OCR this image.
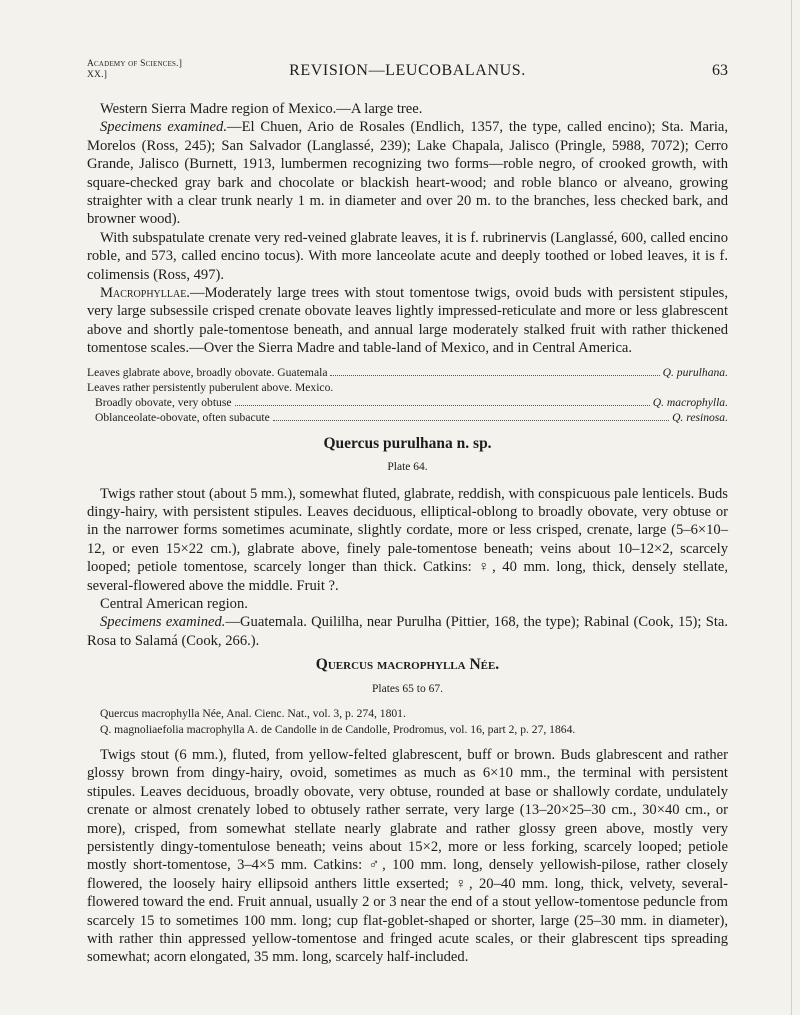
Academy of Sciences.]
XX.]	REVISION—LEUCOBALANUS.	63

Western Sierra Madre region of Mexico.—A large tree.

Specimens examined.—El Chuen, Ario de Rosales (Endlich, 1357, the type, called encino); Sta. Maria, Morelos (Ross, 245); San Salvador (Langlassé, 239); Lake Chapala, Jalisco (Pringle, 5988, 7072); Cerro Grande, Jalisco (Burnett, 1913, lumbermen recognizing two forms—roble negro, of crooked growth, with square-checked gray bark and chocolate or blackish heart-wood; and roble blanco or alveano, growing straighter with a clear trunk nearly 1 m. in diameter and over 20 m. to the branches, less checked bark, and browner wood).

With subspatulate crenate very red-veined glabrate leaves, it is f. rubrinervis (Langlassé, 600, called encino roble, and 573, called encino tocus). With more lanceolate acute and deeply toothed or lobed leaves, it is f. colimensis (Ross, 497).

Macrophyllae.—Moderately large trees with stout tomentose twigs, ovoid buds with persistent stipules, very large subsessile crisped crenate obovate leaves lightly impressed-reticulate and more or less glabrescent above and shortly pale-tomentose beneath, and annual large moderately stalked fruit with rather thickened tomentose scales.—Over the Sierra Madre and table-land of Mexico, and in Central America.

Leaves glabrate above, broadly obovate. Guatemala	Q. purulhana.
Leaves rather persistently puberulent above. Mexico.
Broadly obovate, very obtuse	Q. macrophylla.
Oblanceolate-obovate, often subacute	Q. resinosa.
Quercus purulhana n. sp.
Plate 64.

Twigs rather stout (about 5 mm.), somewhat fluted, glabrate, reddish, with conspicuous pale lenticels. Buds dingy-hairy, with persistent stipules. Leaves deciduous, elliptical-oblong to broadly obovate, very obtuse or in the narrower forms sometimes acuminate, slightly cordate, more or less crisped, crenate, large (5–6×10–12, or even 15×22 cm.), glabrate above, finely pale-tomentose beneath; veins about 10–12×2, scarcely looped; petiole tomentose, scarcely longer than thick. Catkins: ♀, 40 mm. long, thick, densely stellate, several-flowered above the middle. Fruit ?.

Central American region.

Specimens examined.—Guatemala. Quililha, near Purulha (Pittier, 168, the type); Rabinal (Cook, 15); Sta. Rosa to Salamá (Cook, 266.).

Quercus macrophylla Née.
Plates 65 to 67.

Quercus macrophylla Née, Anal. Cienc. Nat., vol. 3, p. 274, 1801.

Q. magnoliaefolia macrophylla A. de Candolle in de Candolle, Prodromus, vol. 16, part 2, p. 27, 1864.

Twigs stout (6 mm.), fluted, from yellow-felted glabrescent, buff or brown. Buds glabrescent and rather glossy brown from dingy-hairy, ovoid, sometimes as much as 6×10 mm., the terminal with persistent stipules. Leaves deciduous, broadly obovate, very obtuse, rounded at base or shallowly cordate, undulately crenate or almost crenately lobed to obtusely rather serrate, very large (13–20×25–30 cm., 30×40 cm., or more), crisped, from somewhat stellate nearly glabrate and rather glossy green above, mostly very persistently dingy-tomentulose beneath; veins about 15×2, more or less forking, scarcely looped; petiole mostly short-tomentose, 3–4×5 mm. Catkins: ♂, 100 mm. long, densely yellowish-pilose, rather closely flowered, the loosely hairy ellipsoid anthers little exserted; ♀, 20–40 mm. long, thick, velvety, several-flowered toward the end. Fruit annual, usually 2 or 3 near the end of a stout yellow-tomentose peduncle from scarcely 15 to sometimes 100 mm. long; cup flat-goblet-shaped or shorter, large (25–30 mm. in diameter), with rather thin appressed yellow-tomentose and fringed acute scales, or their glabrescent tips spreading somewhat; acorn elongated, 35 mm. long, scarcely half-included.
